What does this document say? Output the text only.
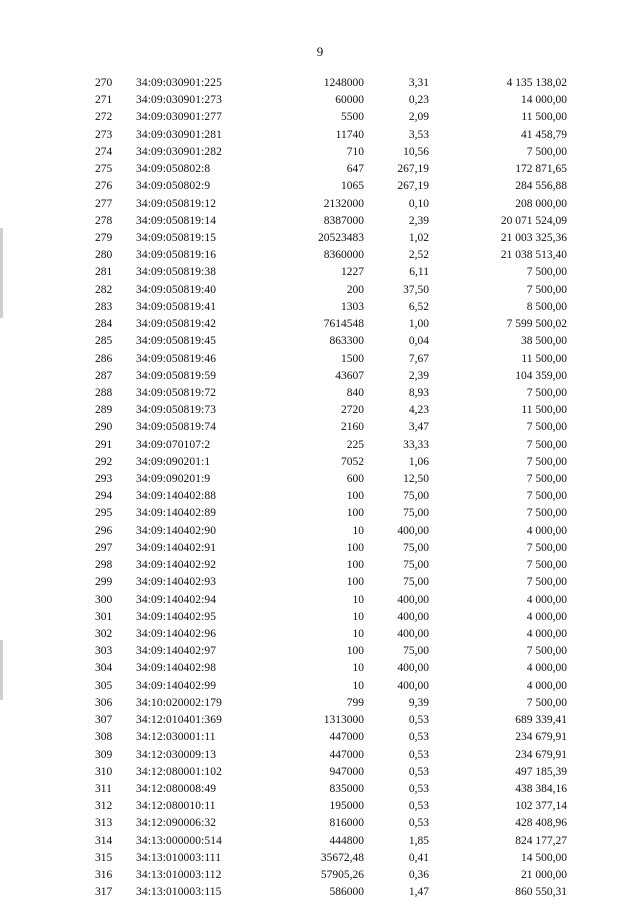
9
270 34:09:030901:225	1248000	3,31	4 135 138,02
271 34:09:030901:273	60000	0,23	14 000,00
272 34:09:030901:277	5500	2,09	11 500,00
273 34:09:030901:281	11740	3,53	41 458,79
274 34:09:030901:282	710	10,56	7 500,00
275 34:09:050802:8	647	267,19	172 871,65
276 34:09:050802:9	1065	267,19	284 556,88
277 34:09:050819:12	2132000	0,10	208 000,00
278 34:09:050819:14	8387000	2,39	20 071 524,09
279 34:09:050819:15	20523483	1,02	21 003 325,36
280 34:09:050819:16	8360000	2,52	21 038 513,40
281 34:09:050819:38	1227	6,11	7 500,00
282 34:09:050819:40	200	37,50	7 500,00
283 34:09:050819:41	1303	6,52	8 500,00
284 34:09:050819:42	7614548	1,00	7 599 500,02
285 34:09:050819:45	863300	0,04	38 500,00
286 34:09:050819:46	1500	7,67	11 500,00
287 34:09:050819:59	43607	2,39	104 359,00
288 34:09:050819:72	840	8,93	7 500,00
289 34:09:050819:73	2720	4,23	11 500,00
290 34:09:050819:74	2160	3,47	7 500,00
291 34:09:070107:2	225	33,33	7 500,00
292 34:09:090201:1	7052	1,06	7 500,00
293 34:09:090201:9	600	12,50	7 500,00
294 34:09:140402:88	100	75,00	7 500,00
295 34:09:140402:89	100	75,00	7 500,00
296 34:09:140402:90	10	400,00	4 000,00
297 34:09:140402:91	100	75,00	7 500,00
298 34:09:140402:92	100	75,00	7 500,00
299 34:09:140402:93	100	75,00	7 500,00
300 34:09:140402:94	10	400,00	4 000,00
301 34:09:140402:95	10	400,00	4 000,00
302 34:09:140402:96	10	400,00	4 000,00
303 34:09:140402:97	100	75,00	7 500,00
304 34:09:140402:98	10	400,00	4 000,00
305 34:09:140402:99	10	400,00	4 000,00
306 34:10:020002:179	799	9,39	7 500,00
307 34:12:010401:369	1313000	0,53	689 339,41
308 34:12:030001:11	447000	0,53	234 679,91
309 34:12:030009:13	447000	0,53	234 679,91
310 34:12:080001:102	947000	0,53	497 185,39
311 34:12:080008:49	835000	0,53	438 384,16
312 34:12:080010:11	195000	0,53	102 377,14
313 34:12:090006:32	816000	0,53	428 408,96
314 34:13:000000:514	444800	1,85	824 177,27
315 34:13:010003:111	35672,48	0,41	14 500,00
316 34:13:010003:112	57905,26	0,36	21 000,00
317 34:13:010003:115	586000	1,47	860 550,31
